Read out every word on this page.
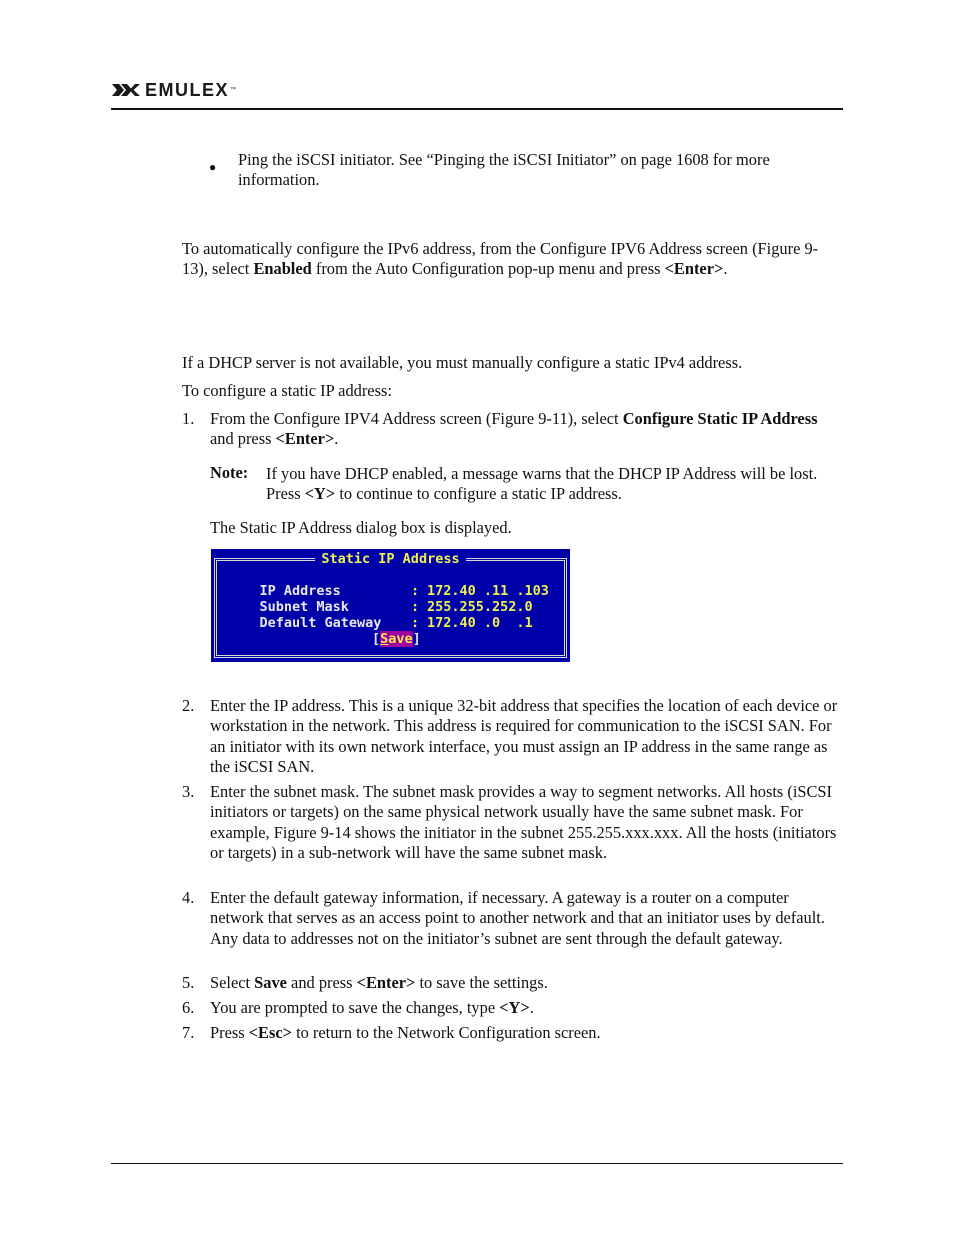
EMULEX ™
● Ping the iSCSI initiator. See “Pinging the iSCSI Initiator” on page 1608 for more information.

To automatically configure the IPv6 address, from the Configure IPV6 Address screen (Figure 9-13), select Enabled from the Auto Configuration pop-up menu and press <Enter>.

If a DHCP server is not available, you must manually configure a static IPv4 address.

To configure a static IP address:

1. From the Configure IPV4 Address screen (Figure 9-11), select Configure Static IP Address and press <Enter>.

Note: If you have DHCP enabled, a message warns that the DHCP IP Address will be lost. Press <Y> to continue to configure a static IP address.

The Static IP Address dialog box is displayed.

Static IP Address

IP Address	: 172.40 .11 .103

Subnet Mask	: 255.255.252.0

Default Gateway : 172.40 .0  .1

[Save]
2. Enter the IP address. This is a unique 32-bit address that specifies the location of each device or workstation in the network. This address is required for communication to the iSCSI SAN. For an initiator with its own network interface, you must assign an IP address in the same range as the iSCSI SAN.

3. Enter the subnet mask. The subnet mask provides a way to segment networks. All hosts (iSCSI initiators or targets) on the same physical network usually have the same subnet mask. For example, Figure 9-14 shows the initiator in the subnet 255.255.xxx.xxx. All the hosts (initiators or targets) in a sub-network will have the same subnet mask.

4. Enter the default gateway information, if necessary. A gateway is a router on a computer network that serves as an access point to another network and that an initiator uses by default. Any data to addresses not on the initiator’s subnet are sent through the default gateway.

5. Select Save and press <Enter> to save the settings.

6. You are prompted to save the changes, type <Y>.

7. Press <Esc> to return to the Network Configuration screen.
